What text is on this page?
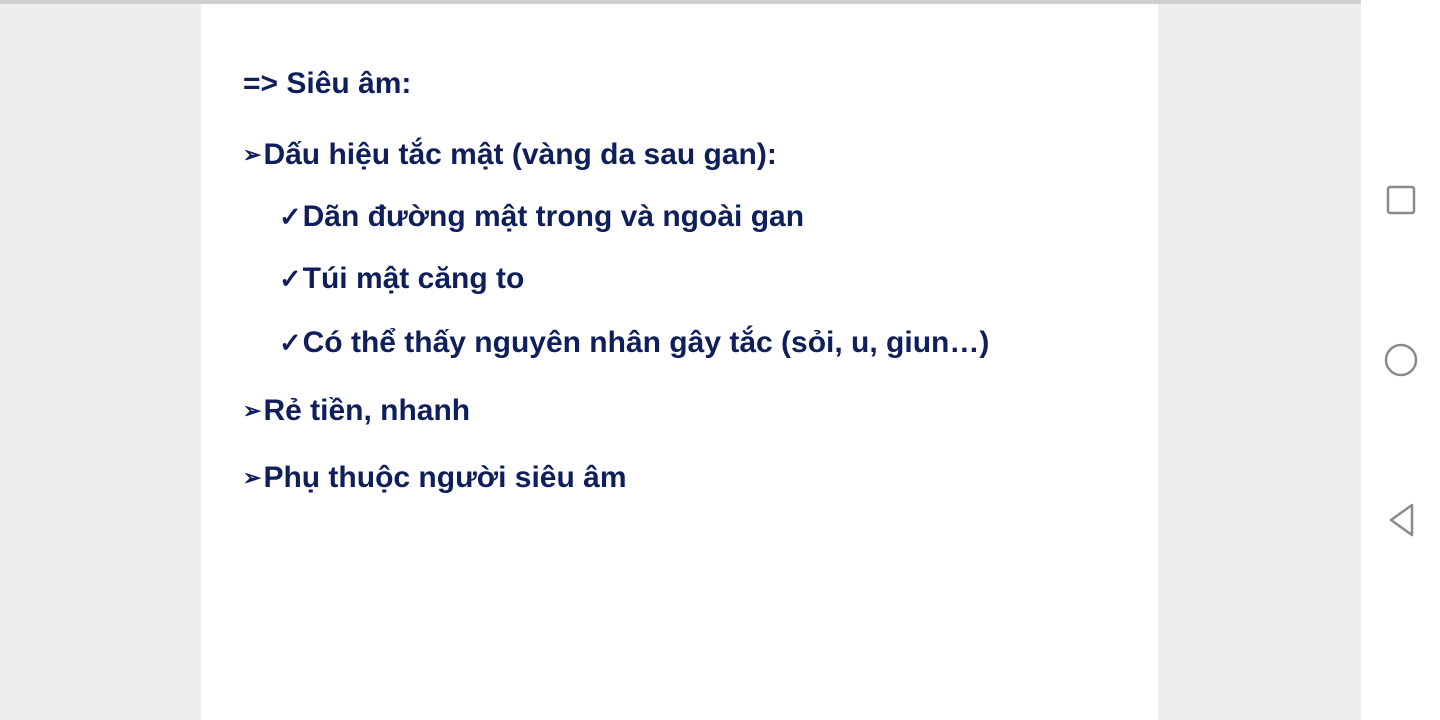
=> Siêu âm:
➢Dấu hiệu tắc mật (vàng da sau gan):
✓Dãn đường mật trong và ngoài gan
✓Túi mật căng to
✓Có thể thấy nguyên nhân gây tắc (sỏi, u, giun…)
➢Rẻ tiền, nhanh
➢Phụ thuộc người siêu âm
